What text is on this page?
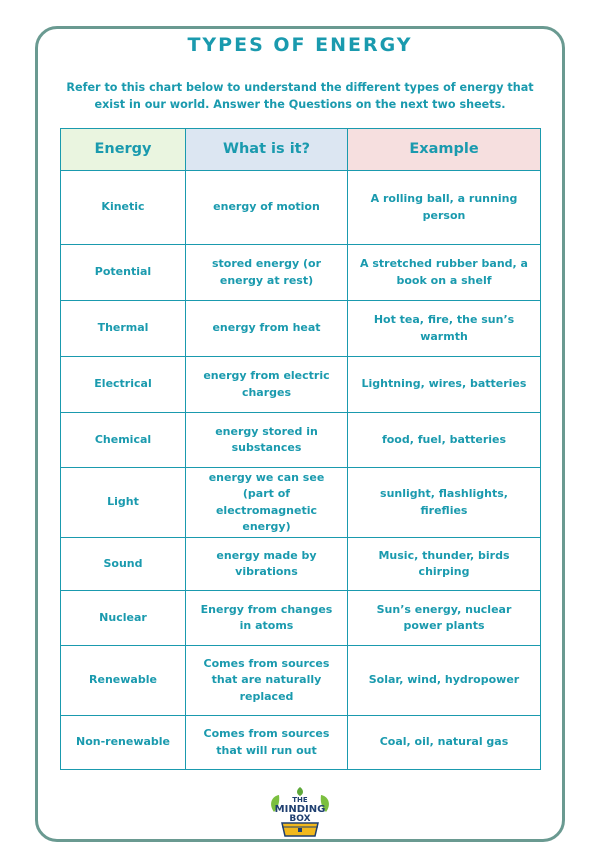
TYPES OF ENERGY
Refer to this chart below to understand the different types of energy that exist in our world. Answer the Questions on the next two sheets.
Energy	What is it?	Example
Kinetic	energy of motion	A rolling ball, a running person
Potential	stored energy (or energy at rest)	A stretched rubber band, a book on a shelf
Thermal	energy from heat	Hot tea, fire, the sun’s warmth
Electrical	energy from electric charges	Lightning, wires, batteries
Chemical	energy stored in substances	food, fuel, batteries
Light	energy we can see (part of electromagnetic energy)	sunlight, flashlights, fireflies
Sound	energy made by vibrations	Music, thunder, birds chirping
Nuclear	Energy from changes in atoms	Sun’s energy, nuclear power plants
Renewable	Comes from sources that are naturally replaced	Solar, wind, hydropower
Non-renewable	Comes from sources that will run out	Coal, oil, natural gas
THE
MINDING
BOX
